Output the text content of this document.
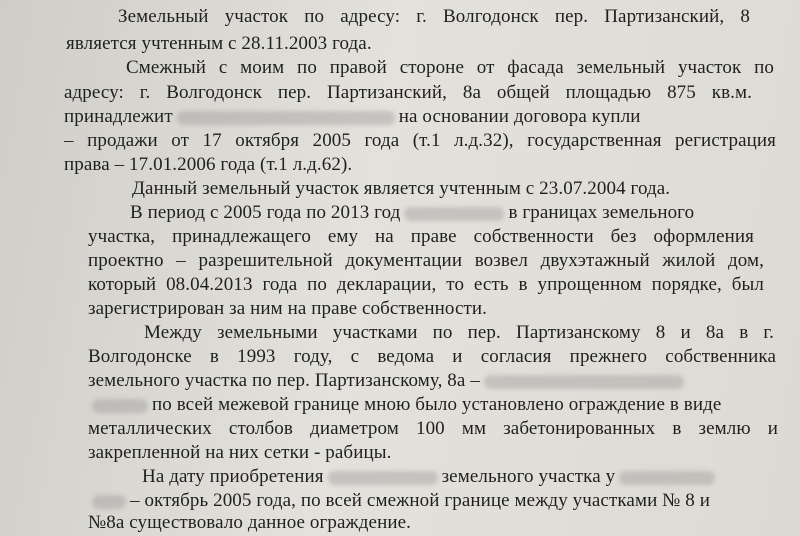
Земельный участок по адресу: г. Волгодонск пер. Партизанский, 8
является учтенным с 28.11.2003 года.
Смежный с моим по правой стороне от фасада земельный участок по
адресу: г. Волгодонск пер. Партизанский, 8а общей площадью 875 кв.м.
принадлежит	на основании договора купли
– продажи от 17 октября 2005 года (т.1 л.д.32), государственная регистрация
права – 17.01.2006 года (т.1 л.д.62).
Данный земельный участок является учтенным с 23.07.2004 года.
В период с 2005 года по 2013 год	в границах земельного
участка, принадлежащего ему на праве собственности без оформления
проектно – разрешительной документации возвел двухэтажный жилой дом,
который 08.04.2013 года по декларации, то есть в упрощенном порядке, был
зарегистрирован за ним на праве собственности.
Между земельными участками по пер. Партизанскому 8 и 8а в г.
Волгодонске в 1993 году, с ведома и согласия прежнего собственника
земельного участка по пер. Партизанскому, 8а –
по всей межевой границе мною было установлено ограждение в виде
металлических столбов диаметром 100 мм забетонированных в землю и
закрепленной на них сетки - рабицы.
На дату приобретения	земельного участка у
– октябрь 2005 года, по всей смежной границе между участками № 8 и
№8а существовало данное ограждение.
